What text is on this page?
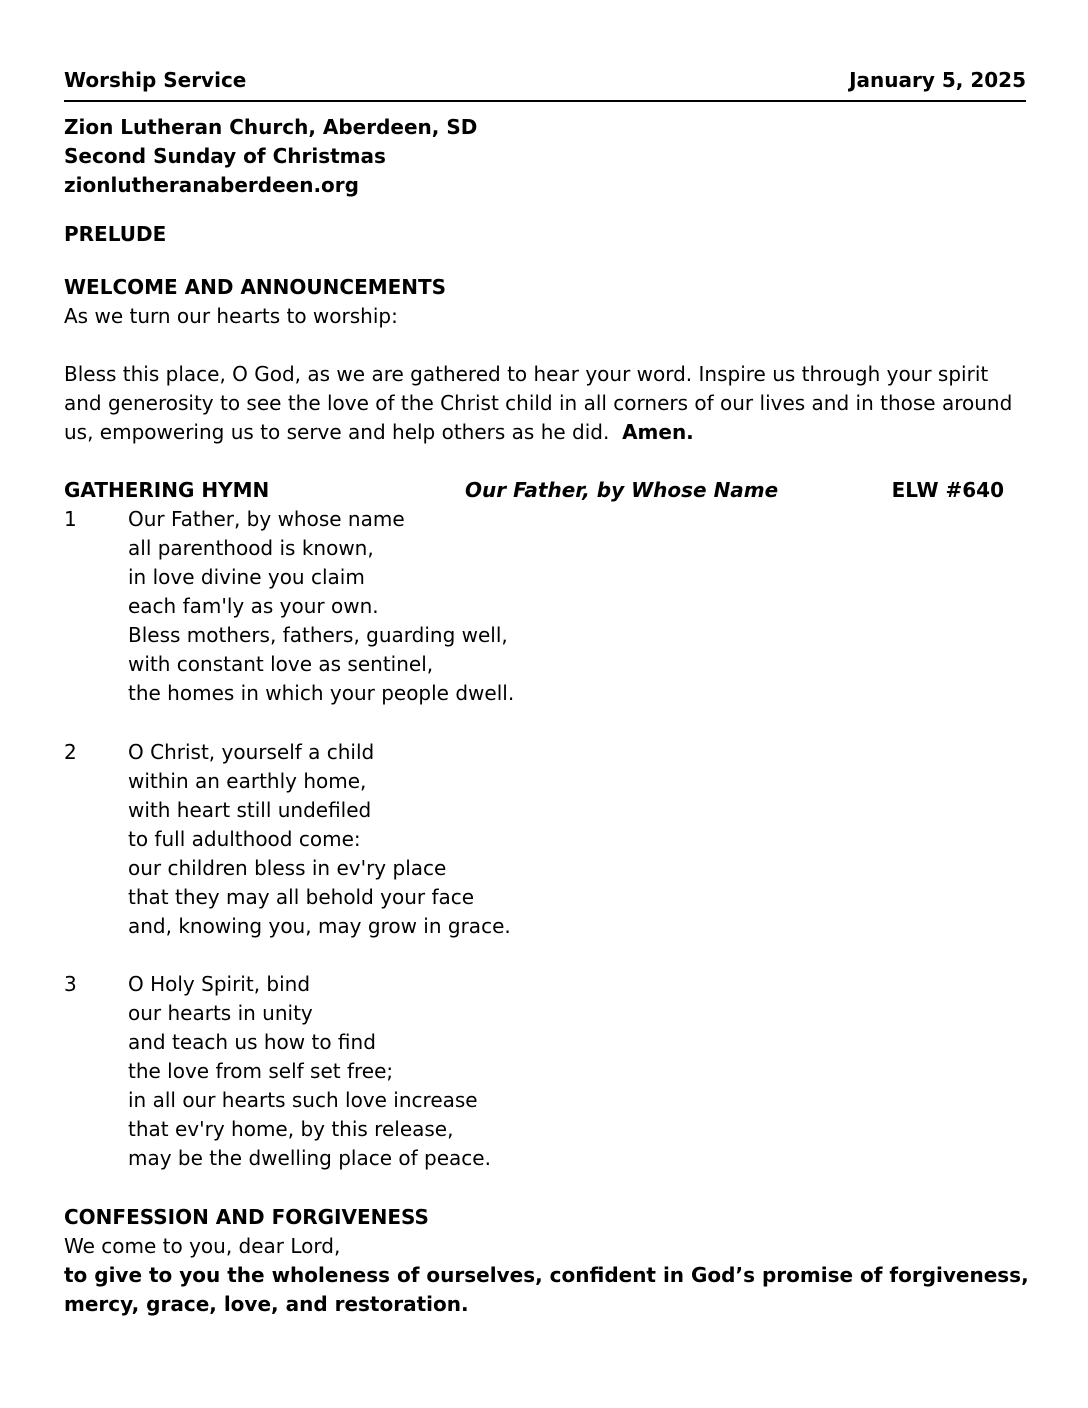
Worship Service	January 5, 2025
Zion Lutheran Church, Aberdeen, SD
Second Sunday of Christmas
zionlutheranaberdeen.org
PRELUDE
WELCOME AND ANNOUNCEMENTS
As we turn our hearts to worship:
Bless this place, O God, as we are gathered to hear your word. Inspire us through your spirit
and generosity to see the love of the Christ child in all corners of our lives and in those around
us, empowering us to serve and help others as he did. Amen.
GATHERING HYMN	Our Father, by Whose Name	ELW #640
1	Our Father, by whose name
all parenthood is known,
in love divine you claim
each fam'ly as your own.
Bless mothers, fathers, guarding well,
with constant love as sentinel,
the homes in which your people dwell.
2	O Christ, yourself a child
within an earthly home,
with heart still undefiled
to full adulthood come:
our children bless in ev'ry place
that they may all behold your face
and, knowing you, may grow in grace.
3	O Holy Spirit, bind
our hearts in unity
and teach us how to find
the love from self set free;
in all our hearts such love increase
that ev'ry home, by this release,
may be the dwelling place of peace.
CONFESSION AND FORGIVENESS
We come to you, dear Lord,
to give to you the wholeness of ourselves, confident in God’s promise of forgiveness,
mercy, grace, love, and restoration.
